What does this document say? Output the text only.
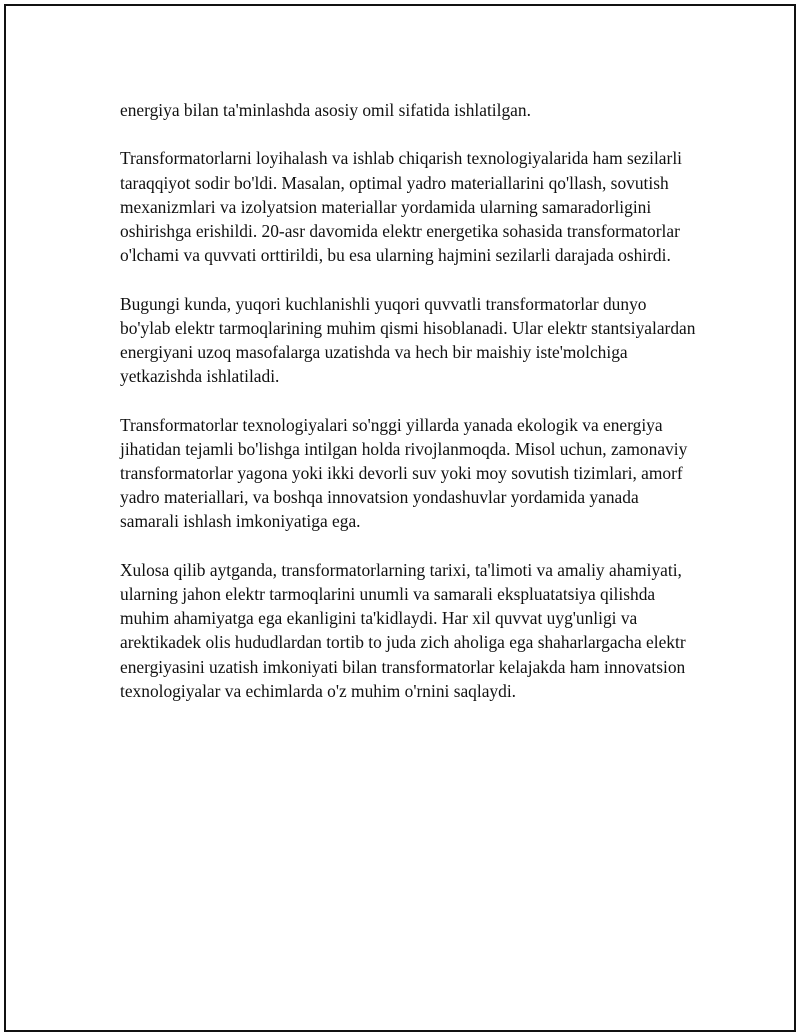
energiya bilan ta'minlashda asosiy omil sifatida ishlatilgan.

Transformatorlarni loyihalash va ishlab chiqarish texnologiyalarida ham sezilarli taraqqiyot sodir bo'ldi. Masalan, optimal yadro materiallarini qo'llash, sovutish mexanizmlari va izolyatsion materiallar yordamida ularning samaradorligini oshirishga erishildi. 20-asr davomida elektr energetika sohasida transformatorlar o'lchami va quvvati orttirildi, bu esa ularning hajmini sezilarli darajada oshirdi.

Bugungi kunda, yuqori kuchlanishli yuqori quvvatli transformatorlar dunyo bo'ylab elektr tarmoqlarining muhim qismi hisoblanadi. Ular elektr stantsiyalardan energiyani uzoq masofalarga uzatishda va hech bir maishiy iste'molchiga yetkazishda ishlatiladi.

Transformatorlar texnologiyalari so'nggi yillarda yanada ekologik va energiya jihatidan tejamli bo'lishga intilgan holda rivojlanmoqda. Misol uchun, zamonaviy transformatorlar yagona yoki ikki devorli suv yoki moy sovutish tizimlari, amorf yadro materiallari, va boshqa innovatsion yondashuvlar yordamida yanada samarali ishlash imkoniyatiga ega.

Xulosa qilib aytganda, transformatorlarning tarixi, ta'limoti va amaliy ahamiyati, ularning jahon elektr tarmoqlarini unumli va samarali ekspluatatsiya qilishda muhim ahamiyatga ega ekanligini ta'kidlaydi. Har xil quvvat uyg'unligi va arektikadek olis hududlardan tortib to juda zich aholiga ega shaharlargacha elektr energiyasini uzatish imkoniyati bilan transformatorlar kelajakda ham innovatsion texnologiyalar va echimlarda o'z muhim o'rnini saqlaydi.
